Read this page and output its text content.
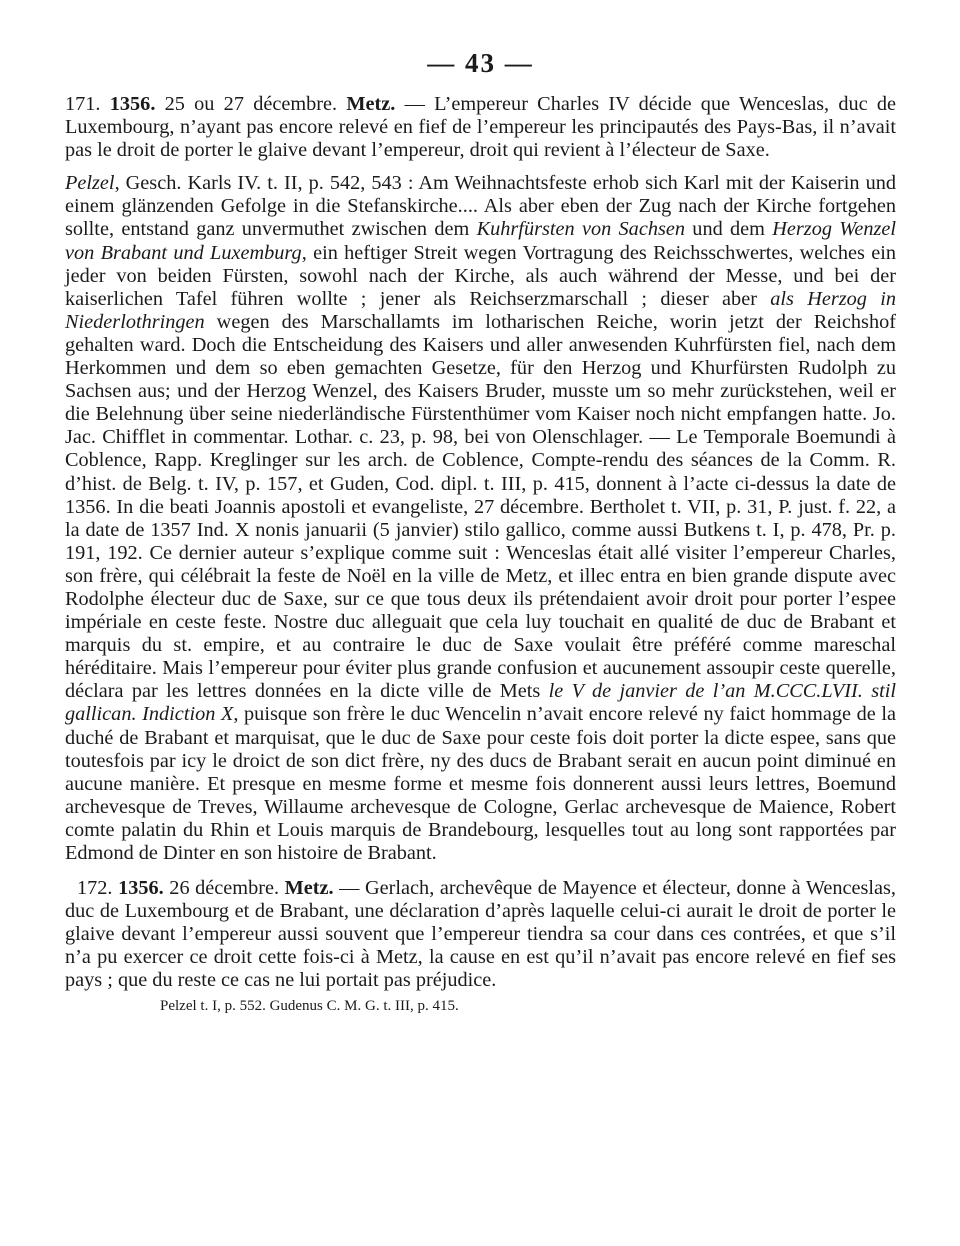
— 43 —

171. 1356. 25 ou 27 décembre. Metz. — L’empereur Charles IV décide que Wenceslas, duc de Luxembourg, n’ayant pas encore relevé en fief de l’empereur les principautés des Pays-Bas, il n’avait pas le droit de porter le glaive devant l’empereur, droit qui revient à l’électeur de Saxe.

Pelzel, Gesch. Karls IV. t. II, p. 542, 543 : Am Weihnachtsfeste erhob sich Karl mit der Kaiserin und einem glänzenden Gefolge in die Stefanskirche.... Als aber eben der Zug nach der Kirche fortgehen sollte, entstand ganz unvermuthet zwischen dem Kuhrfürsten von Sachsen und dem Herzog Wenzel von Brabant und Luxemburg, ein heftiger Streit wegen Vortragung des Reichsschwertes, welches ein jeder von beiden Fürsten, sowohl nach der Kirche, als auch während der Messe, und bei der kaiserlichen Tafel führen wollte ; jener als Reichserzmarschall ; dieser aber als Herzog in Niederlothringen wegen des Marschallamts im lotharischen Reiche, worin jetzt der Reichshof gehalten ward. Doch die Entscheidung des Kaisers und aller anwesenden Kuhrfürsten fiel, nach dem Herkommen und dem so eben gemachten Gesetze, für den Herzog und Khurfürsten Rudolph zu Sachsen aus; und der Herzog Wenzel, des Kaisers Bruder, musste um so mehr zurückstehen, weil er die Belehnung über seine niederländische Fürstenthümer vom Kaiser noch nicht empfangen hatte. Jo. Jac. Chifflet in commentar. Lothar. c. 23, p. 98, bei von Olenschlager. — Le Temporale Boemundi à Coblence, Rapp. Kreglinger sur les arch. de Coblence, Compte-rendu des séances de la Comm. R. d’hist. de Belg. t. IV, p. 157, et Guden, Cod. dipl. t. III, p. 415, donnent à l’acte ci-dessus la date de 1356. In die beati Joannis apostoli et evangeliste, 27 décembre. Bertholet t. VII, p. 31, P. just. f. 22, a la date de 1357 Ind. X nonis januarii (5 janvier) stilo gallico, comme aussi Butkens t. I, p. 478, Pr. p. 191, 192. Ce dernier auteur s’explique comme suit : Wenceslas était allé visiter l’empereur Charles, son frère, qui célébrait la feste de Noël en la ville de Metz, et illec entra en bien grande dispute avec Rodolphe électeur duc de Saxe, sur ce que tous deux ils prétendaient avoir droit pour porter l’espee impériale en ceste feste. Nostre duc alleguait que cela luy touchait en qualité de duc de Brabant et marquis du st. empire, et au contraire le duc de Saxe voulait être préféré comme mareschal héréditaire. Mais l’empereur pour éviter plus grande confusion et aucunement assoupir ceste querelle, déclara par les lettres données en la dicte ville de Mets le V de janvier de l’an M.CCC.LVII. stil gallican. Indiction X, puisque son frère le duc Wencelin n’avait encore relevé ny faict hommage de la duché de Brabant et marquisat, que le duc de Saxe pour ceste fois doit porter la dicte espee, sans que toutesfois par icy le droict de son dict frère, ny des ducs de Brabant serait en aucun point diminué en aucune manière. Et presque en mesme forme et mesme fois donnerent aussi leurs lettres, Boemund archevesque de Treves, Willaume archevesque de Cologne, Gerlac archevesque de Maience, Robert comte palatin du Rhin et Louis marquis de Brandebourg, lesquelles tout au long sont rapportées par Edmond de Dinter en son histoire de Brabant.

172. 1356. 26 décembre. Metz. — Gerlach, archevêque de Mayence et électeur, donne à Wenceslas, duc de Luxembourg et de Brabant, une déclaration d’après laquelle celui-ci aurait le droit de porter le glaive devant l’empereur aussi souvent que l’empereur tiendra sa cour dans ces contrées, et que s’il n’a pu exercer ce droit cette fois-ci à Metz, la cause en est qu’il n’avait pas encore relevé en fief ses pays ; que du reste ce cas ne lui portait pas préjudice.

Pelzel t. I, p. 552. Gudenus C. M. G. t. III, p. 415.
